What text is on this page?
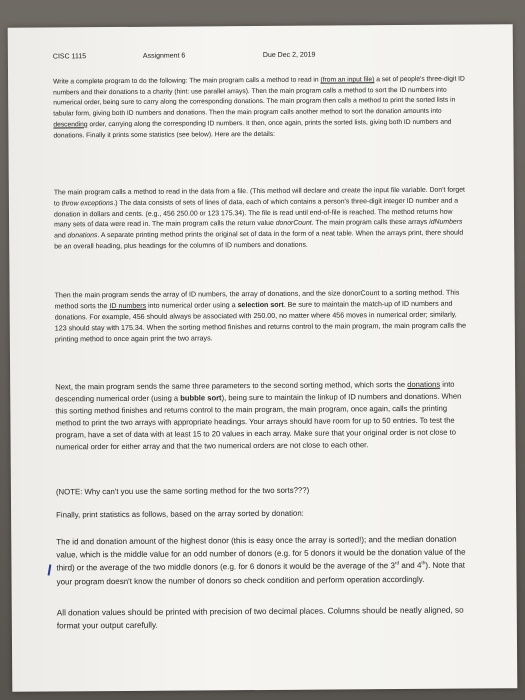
CISC 1115	Assignment 6	Due Dec 2, 2019
Write a complete program to do the following: The main program calls a method to read in (from an input file) a set of people's three-digit ID numbers and their donations to a charity (hint: use parallel arrays). Then the main program calls a method to sort the ID numbers into numerical order, being sure to carry along the corresponding donations. The main program then calls a method to print the sorted lists in tabular form, giving both ID numbers and donations. Then the main program calls another method to sort the donation amounts into descending order, carrying along the corresponding ID numbers. It then, once again, prints the sorted lists, giving both ID numbers and donations. Finally it prints some statistics (see below). Here are the details:
The main program calls a method to read in the data from a file. (This method will declare and create the input file variable. Don't forget to throw exceptions.) The data consists of sets of lines of data, each of which contains a person's three-digit integer ID number and a donation in dollars and cents. (e.g., 456 250.00 or 123 175.34). The file is read until end-of-file is reached. The method returns how many sets of data were read in. The main program calls the return value donorCount. The main program calls these arrays idNumbers and donations. A separate printing method prints the original set of data in the form of a neat table. When the arrays print, there should be an overall heading, plus headings for the columns of ID numbers and donations.
Then the main program sends the array of ID numbers, the array of donations, and the size donorCount to a sorting method. This method sorts the ID numbers into numerical order using a selection sort. Be sure to maintain the match-up of ID numbers and donations. For example, 456 should always be associated with 250.00, no matter where 456 moves in numerical order; similarly, 123 should stay with 175.34. When the sorting method finishes and returns control to the main program, the main program calls the printing method to once again print the two arrays.
Next, the main program sends the same three parameters to the second sorting method, which sorts the donations into descending numerical order (using a bubble sort), being sure to maintain the linkup of ID numbers and donations. When this sorting method finishes and returns control to the main program, the main program, once again, calls the printing method to print the two arrays with appropriate headings. Your arrays should have room for up to 50 entries. To test the program, have a set of data with at least 15 to 20 values in each array. Make sure that your original order is not close to numerical order for either array and that the two numerical orders are not close to each other.
(NOTE: Why can't you use the same sorting method for the two sorts???)
Finally, print statistics as follows, based on the array sorted by donation:
The id and donation amount of the highest donor (this is easy once the array is sorted!); and the median donation value, which is the middle value for an odd number of donors (e.g. for 5 donors it would be the donation value of the third) or the average of the two middle donors (e.g. for 6 donors it would be the average of the 3rd and 4th). Note that your program doesn't know the number of donors so check condition and perform operation accordingly.
All donation values should be printed with precision of two decimal places. Columns should be neatly aligned, so format your output carefully.
